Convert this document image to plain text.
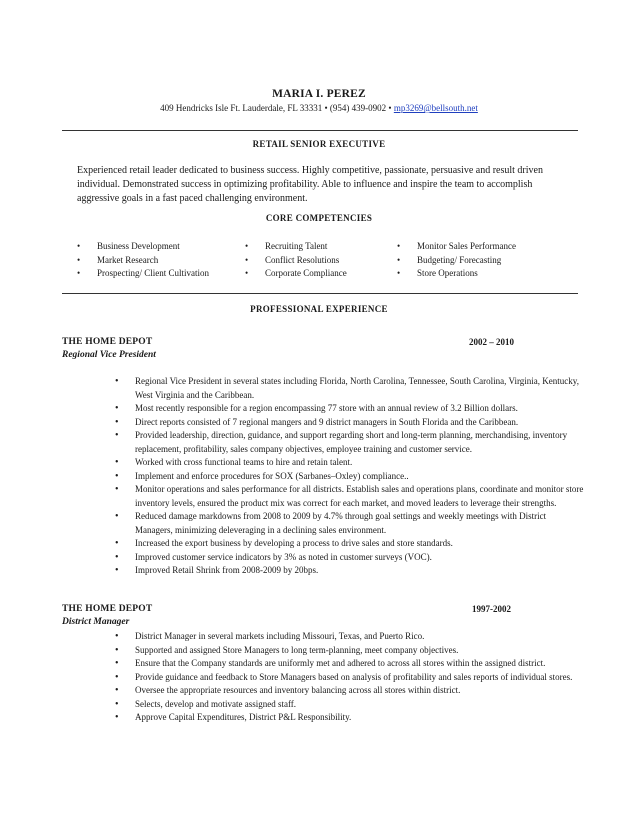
MARIA I. PEREZ
409 Hendricks Isle Ft. Lauderdale, FL 33331 • (954) 439-0902 • mp3269@bellsouth.net
RETAIL SENIOR EXECUTIVE
Experienced retail leader dedicated to business success. Highly competitive, passionate, persuasive and result driven individual. Demonstrated success in optimizing profitability. Able to influence and inspire the team to accomplish aggressive goals in a fast paced challenging environment.
CORE COMPETENCIES
• Business Development
• Market Research
• Prospecting/ Client Cultivation
• Recruiting Talent
• Conflict Resolutions
• Corporate Compliance
• Monitor Sales Performance
• Budgeting/ Forecasting
• Store Operations
PROFESSIONAL EXPERIENCE
THE HOME DEPOT	2002 – 2010
Regional Vice President
• Regional Vice President in several states including Florida, North Carolina, Tennessee, South Carolina, Virginia, Kentucky, West Virginia and the Caribbean.
• Most recently responsible for a region encompassing 77 store with an annual review of 3.2 Billion dollars.
• Direct reports consisted of 7 regional mangers and 9 district managers in South Florida and the Caribbean.
• Provided leadership, direction, guidance, and support regarding short and long-term planning, merchandising, inventory replacement, profitability, sales company objectives, employee training and customer service.
• Worked with cross functional teams to hire and retain talent.
• Implement and enforce procedures for SOX (Sarbanes–Oxley) compliance..
• Monitor operations and sales performance for all districts. Establish sales and operations plans, coordinate and monitor store inventory levels, ensured the product mix was correct for each market, and moved leaders to leverage their strengths.
• Reduced damage markdowns from 2008 to 2009 by 4.7% through goal settings and weekly meetings with District Managers, minimizing deleveraging in a declining sales environment.
• Increased the export business by developing a process to drive sales and store standards.
• Improved customer service indicators by 3% as noted in customer surveys (VOC).
• Improved Retail Shrink from 2008-2009 by 20bps.
THE HOME DEPOT	1997-2002
District Manager
• District Manager in several markets including Missouri, Texas, and Puerto Rico.
• Supported and assigned Store Managers to long term-planning, meet company objectives.
• Ensure that the Company standards are uniformly met and adhered to across all stores within the assigned district.
• Provide guidance and feedback to Store Managers based on analysis of profitability and sales reports of individual stores.
• Oversee the appropriate resources and inventory balancing across all stores within district.
• Selects, develop and motivate assigned staff.
• Approve Capital Expenditures, District P&L Responsibility.
